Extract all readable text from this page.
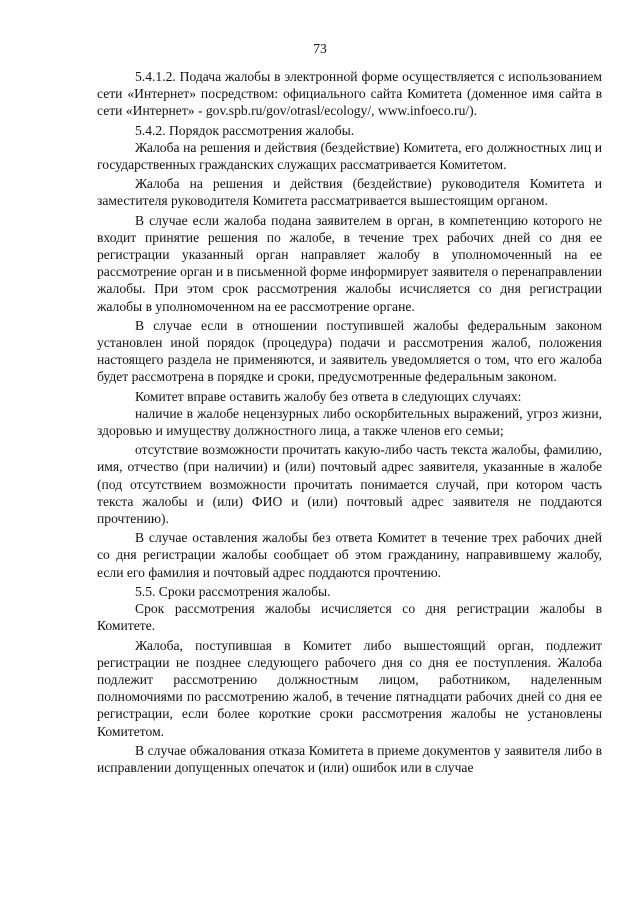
73

5.4.1.2. Подача жалобы в электронной форме осуществляется с использованием сети «Интернет» посредством: официального сайта Комитета (доменное имя сайта в сети «Интернет» - gov.spb.ru/gov/otrasl/ecology/, www.infoeco.ru/).

5.4.2. Порядок рассмотрения жалобы.

Жалоба на решения и действия (бездействие) Комитета, его должностных лиц и государственных гражданских служащих рассматривается Комитетом.

Жалоба на решения и действия (бездействие) руководителя Комитета и заместителя руководителя Комитета рассматривается вышестоящим органом.

В случае если жалоба подана заявителем в орган, в компетенцию которого не входит принятие решения по жалобе, в течение трех рабочих дней со дня ее регистрации указанный орган направляет жалобу в уполномоченный на ее рассмотрение орган и в письменной форме информирует заявителя о перенаправлении жалобы. При этом срок рассмотрения жалобы исчисляется со дня регистрации жалобы в уполномоченном на ее рассмотрение органе.

В случае если в отношении поступившей жалобы федеральным законом установлен иной порядок (процедура) подачи и рассмотрения жалоб, положения настоящего раздела не применяются, и заявитель уведомляется о том, что его жалоба будет рассмотрена в порядке и сроки, предусмотренные федеральным законом.

Комитет вправе оставить жалобу без ответа в следующих случаях:

наличие в жалобе нецензурных либо оскорбительных выражений, угроз жизни, здоровью и имуществу должностного лица, а также членов его семьи;

отсутствие возможности прочитать какую-либо часть текста жалобы, фамилию, имя, отчество (при наличии) и (или) почтовый адрес заявителя, указанные в жалобе (под отсутствием возможности прочитать понимается случай, при котором часть текста жалобы и (или) ФИО и (или) почтовый адрес заявителя не поддаются прочтению).

В случае оставления жалобы без ответа Комитет в течение трех рабочих дней со дня регистрации жалобы сообщает об этом гражданину, направившему жалобу, если его фамилия и почтовый адрес поддаются прочтению.

5.5. Сроки рассмотрения жалобы.

Срок рассмотрения жалобы исчисляется со дня регистрации жалобы в Комитете.

Жалоба, поступившая в Комитет либо вышестоящий орган, подлежит регистрации не позднее следующего рабочего дня со дня ее поступления. Жалоба подлежит рассмотрению должностным лицом, работником, наделенным полномочиями по рассмотрению жалоб, в течение пятнадцати рабочих дней со дня ее регистрации, если более короткие сроки рассмотрения жалобы не установлены Комитетом.

В случае обжалования отказа Комитета в приеме документов у заявителя либо в исправлении допущенных опечаток и (или) ошибок или в случае
